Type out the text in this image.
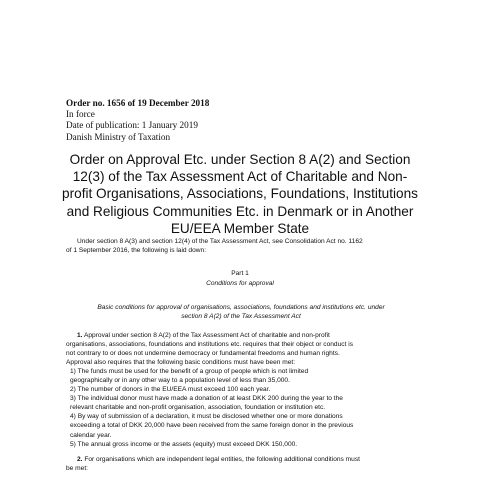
Order no. 1656 of 19 December 2018
In force
Date of publication: 1 January 2019
Danish Ministry of Taxation
Order on Approval Etc. under Section 8 A(2) and Section
12(3) of the Tax Assessment Act of Charitable and Non-
profit Organisations, Associations, Foundations, Institutions
and Religious Communities Etc. in Denmark or in Another
EU/EEA Member State
Under section 8 A(3) and section 12(4) of the Tax Assessment Act, see Consolidation Act no. 1162
of 1 September 2016, the following is laid down:
Part 1
Conditions for approval
Basic conditions for approval of organisations, associations, foundations and institutions etc. under
section 8 A(2) of the Tax Assessment Act
1. Approval under section 8 A(2) of the Tax Assessment Act of charitable and non-profit
organisations, associations, foundations and institutions etc. requires that their object or conduct is
not contrary to or does not undermine democracy or fundamental freedoms and human rights.
Approval also requires that the following basic conditions must have been met:
1) The funds must be used for the benefit of a group of people which is not limited
geographically or in any other way to a population level of less than 35,000.
2) The number of donors in the EU/EEA must exceed 100 each year.
3) The individual donor must have made a donation of at least DKK 200 during the year to the
relevant charitable and non-profit organisation, association, foundation or institution etc.
4) By way of submission of a declaration, it must be disclosed whether one or more donations
exceeding a total of DKK 20,000 have been received from the same foreign donor in the previous
calendar year.
5) The annual gross income or the assets (equity) must exceed DKK 150,000.
2. For organisations which are independent legal entities, the following additional conditions must
be met:
